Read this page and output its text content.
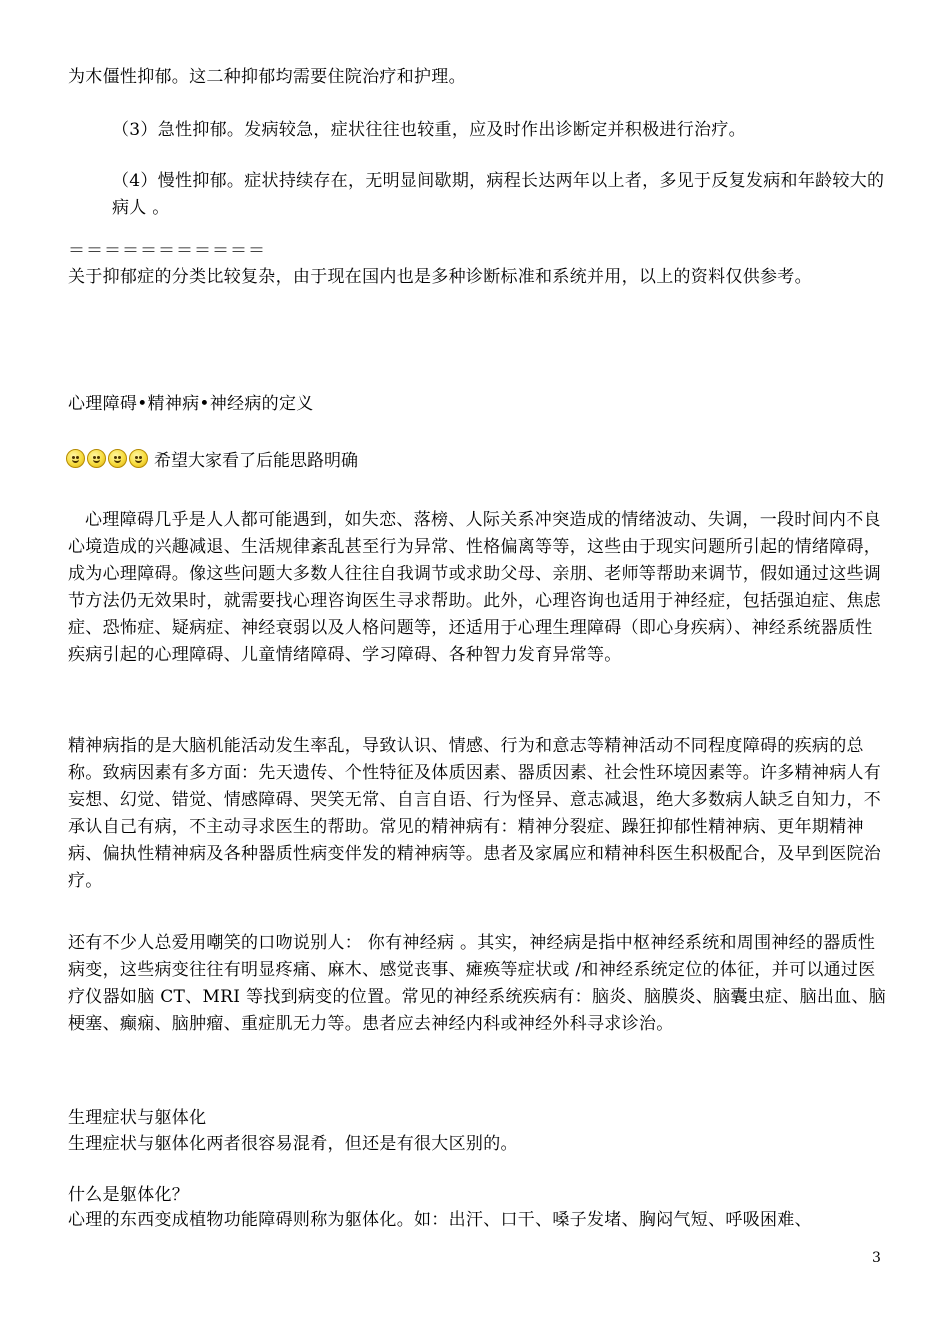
为木僵性抑郁。这二种抑郁均需要住院治疗和护理。

（3）急性抑郁。发病较急，症状往往也较重，应及时作出诊断定并积极进行治疗。

（4）慢性抑郁。症状持续存在，无明显间歇期，病程长达两年以上者，多见于反复发病和年龄较大的病人 。

＝＝＝＝＝＝＝＝＝＝＝

关于抑郁症的分类比较复杂，由于现在国内也是多种诊断标准和系统并用，以上的资料仅供参考。

心理障碍•精神病•神经病的定义

希望大家看了后能思路明确

心理障碍几乎是人人都可能遇到，如失恋、落榜、人际关系冲突造成的情绪波动、失调，一段时间内不良心境造成的兴趣减退、生活规律紊乱甚至行为异常、性格偏离等等，这些由于现实问题所引起的情绪障碍，成为心理障碍。像这些问题大多数人往往自我调节或求助父母、亲朋、老师等帮助来调节，假如通过这些调节方法仍无效果时，就需要找心理咨询医生寻求帮助。此外，心理咨询也适用于神经症，包括强迫症、焦虑症、恐怖症、疑病症、神经衰弱以及人格问题等，还适用于心理生理障碍（即心身疾病）、神经系统器质性疾病引起的心理障碍、儿童情绪障碍、学习障碍、各种智力发育异常等。

精神病指的是大脑机能活动发生率乱，导致认识、情感、行为和意志等精神活动不同程度障碍的疾病的总称。致病因素有多方面：先天遗传、个性特征及体质因素、器质因素、社会性环境因素等。许多精神病人有妄想、幻觉、错觉、情感障碍、哭笑无常、自言自语、行为怪异、意志减退，绝大多数病人缺乏自知力，不承认自己有病，不主动寻求医生的帮助。常见的精神病有：精神分裂症、躁狂抑郁性精神病、更年期精神病、偏执性精神病及各种器质性病变伴发的精神病等。患者及家属应和精神科医生积极配合，及早到医院治疗。

还有不少人总爱用嘲笑的口吻说别人： 你有神经病 。其实，神经病是指中枢神经系统和周围神经的器质性病变，这些病变往往有明显疼痛、麻木、感觉丧事、瘫痪等症状或 /和神经系统定位的体征，并可以通过医疗仪器如脑 CT、MRI 等找到病变的位置。常见的神经系统疾病有：脑炎、脑膜炎、脑囊虫症、脑出血、脑梗塞、癫痫、脑肿瘤、重症肌无力等。患者应去神经内科或神经外科寻求诊治。

生理症状与躯体化

生理症状与躯体化两者很容易混肴，但还是有很大区别的。

什么是躯体化？

心理的东西变成植物功能障碍则称为躯体化。如：出汗、口干、嗓子发堵、胸闷气短、呼吸困难、

3
